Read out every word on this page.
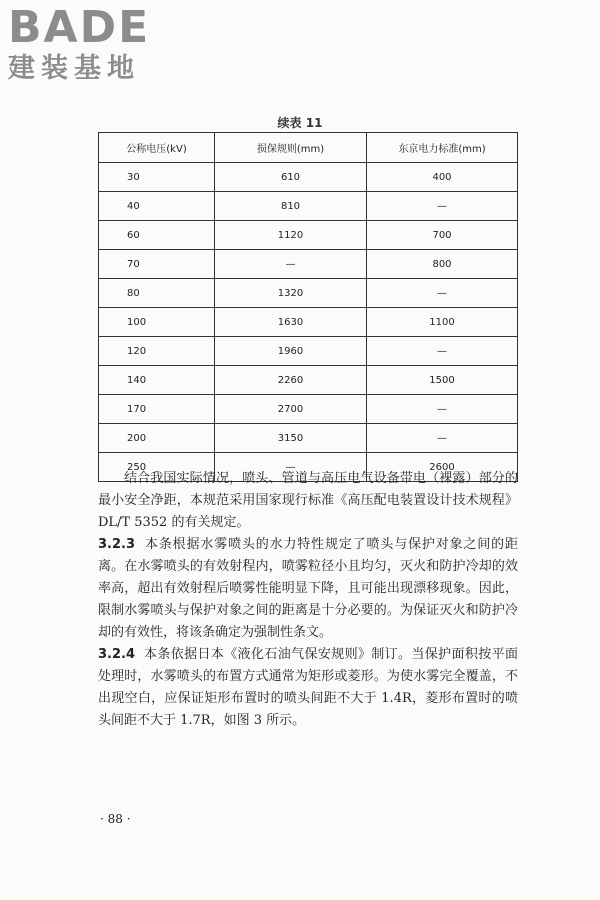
BADE
建装基地
续表 11
公称电压(kV)	损保规则(mm)	东京电力标准(mm)
30	610	400
40	810	—
60	1120	700
70	—	800
80	1320	—
100	1630	1100
120	1960	—
140	2260	1500
170	2700	—
200	3150	—
250	—	2600

结合我国实际情况，喷头、管道与高压电气设备带电（裸露）部分的最小安全净距，本规范采用国家现行标准《高压配电装置设计技术规程》DL/T 5352 的有关规定。

3.2.3 本条根据水雾喷头的水力特性规定了喷头与保护对象之间的距离。在水雾喷头的有效射程内，喷雾粒径小且均匀，灭火和防护冷却的效率高，超出有效射程后喷雾性能明显下降，且可能出现漂移现象。因此，限制水雾喷头与保护对象之间的距离是十分必要的。为保证灭火和防护冷却的有效性，将该条确定为强制性条文。

3.2.4 本条依据日本《液化石油气保安规则》制订。当保护面积按平面处理时，水雾喷头的布置方式通常为矩形或菱形。为使水雾完全覆盖，不出现空白，应保证矩形布置时的喷头间距不大于 1.4R，菱形布置时的喷头间距不大于 1.7R，如图 3 所示。

· 88 ·
